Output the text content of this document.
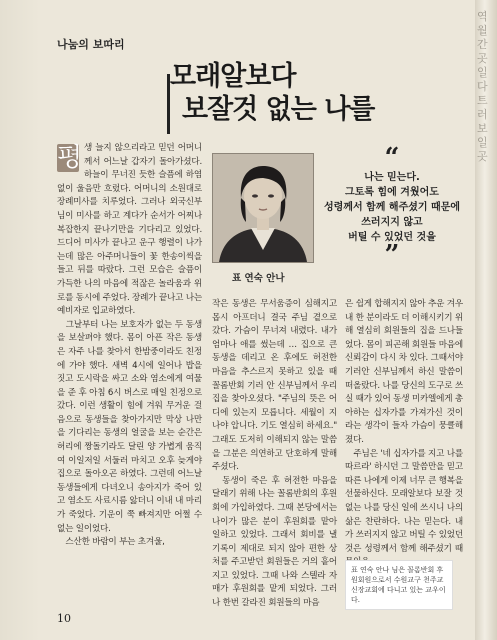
역 월간 곳 일다 트러 보일 곳
나눔의 보따리
모래알보다
보잘것 없는 나를
표 연숙 안나
“
나는 믿는다.
그토록 힘에 겨웠어도
성령께서 함께 해주셨기 때문에
쓰러지지 않고
버틸 수 있었던 것을
”
평 생 늘지 않으리라고 믿던 어머니께서 어느날 갑자기 돌아가셨다. 하늘이 무너진 듯한 슬픔에 하염없이 울음만 흐렀다. 어머니의 소원대로 장례미사를 치루었다. 그러나 외국신부님이 미사를 하고 계다가 순서가 어찌나 복잡한지 끝나기만을 기다리고 있었다. 드디어 미사가 끝나고 운구 행렬이 나가는데 많은 아주머니들이 꽃 한송이씩을 들고 뒤를 따랐다. 그런 모습은 슬픔이 가득한 나의 마음에 적잖은 놀라움과 위로를 동시에 주었다. 장례가 끝나고 나는 예비자로 입교하였다.

　그날부터 나는 보호자가 없는 두 동생을 보살펴야 했다. 몸이 아픈 작은 동생은 자주 나를 찾아서 한밤중이라도 친정에 가야 했다. 새벽 4시에 일어나 밥을 짓고 도시락을 싸고 소와 염소에게 여물을 준 후 아침 6시 버스로 매일 친정으로 갔다. 이런 생활이 힘에 겨워 무거운 걸음으로 동생들을 찾아가지만 막상 나만을 기다리는 동생의 얼굴을 보는 순간은 허리에 짱돌기라도 달린 양 가볍게 움직여 이일저일 서둘러 마치고 오후 늦게야 집으로 돌아오곤 하였다. 그런데 어느날 동생들에게 다녀오니 송아지가 죽어 있고 염소도 사료시름 앓더니 이내 내 마리가 죽었다. 기운이 쭉 빠져지만 어쩔 수 없는 일이었다.

　스산한 바람이 부는 초겨울,

작은 동생은 무서움증이 심해지고 몹시 아프더니 결국 주님 곁으로 갔다. 가슴이 무너져 내렸다. 내가 엄마나 애를 썼는데 … 집으로 큰동생을 데리고 온 후에도 허전한 마음을 추스르지 못하고 있을 때 꼴롬반회 기러 안 신부님께서 우리 집을 찾아오셨다. "주님의 뜻은 어디에 있는지 모릅니다. 세월이 지나야 압니다. 기도 열심히 하세요." 그래도 도저히 이해되지 않는 말씀을 그분은 의연하고 단호하게 말해 주셨다.

　동생이 죽은 후 허전한 마음을 달래기 위해 나는 꼴롬반회의 후원회에 가입하였다. 그때 본당에서는 나이가 많은 분이 후원회를 맡아 일하고 있었다. 그래서 회비를 낼 기록이 제대로 되지 않아 편한 상처를 주고받던 회원들은 거의 흩어지고 있었다. 그때 나와 스텔라 자매가 후원회를 맡게 되었다. 그러나 한번 갈라진 회원들의 마음

은 쉽게 합해지지 않아 추운 겨우내 한 분이라도 더 이해시키기 위해 열심히 회원들의 집을 드나들었다. 몸이 피곤해 회원들 마음에 신뢰감이 다시 차 있다. 그때서야 기러안 신부님께서 하신 말씀이 떠올랐다. 나를 당신의 도구로 쓰실 때가 있어 동생 미카엘에게 총아하는 십자가를 가져가신 것이라는 생각이 들자 가슴이 뭉클해 졌다.

　주님은 '네 십자가를 지고 나를 따르라' 하시던 그 말씀만을 믿고 따른 나에게 이제 너무 큰 행복을 선물하신다. 모래알보다 보잘 것 없는 나를 당신 일에 쓰시니 나의 삶은 찬란하다. 나는 믿는다. 내가 쓰러지지 않고 버틸 수 있었던 것은 성령께서 함께 해주셨기 때

표 연숙 안나 님은 꼴롬반회 후원회원으로서 수원교구 천주교 신장교회에 다니고 있는 교우이다.
10
